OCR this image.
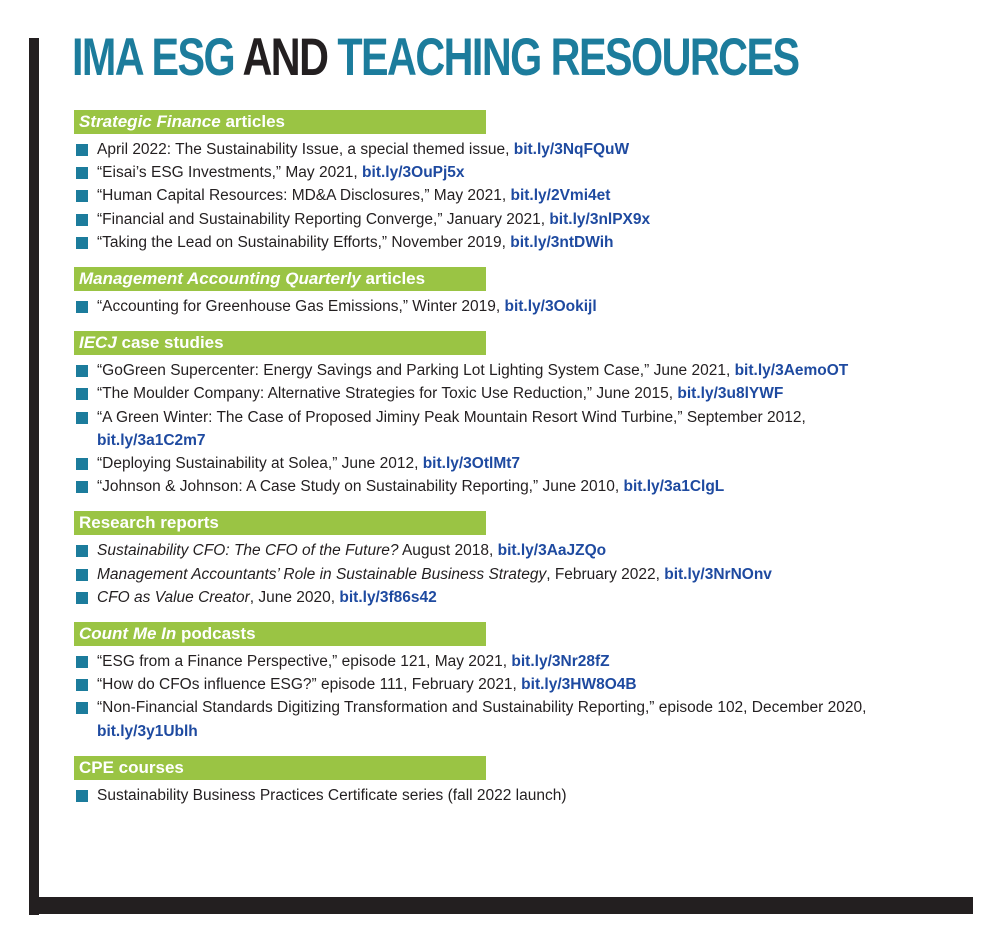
IMA ESG AND TEACHING RESOURCES
Strategic Finance articles
April 2022: The Sustainability Issue, a special themed issue, bit.ly/3NqFQuW
“Eisai’s ESG Investments,” May 2021, bit.ly/3OuPj5x
“Human Capital Resources: MD&A Disclosures,” May 2021, bit.ly/2Vmi4et
“Financial and Sustainability Reporting Converge,” January 2021, bit.ly/3nlPX9x
“Taking the Lead on Sustainability Efforts,” November 2019, bit.ly/3ntDWih
Management Accounting Quarterly articles
“Accounting for Greenhouse Gas Emissions,” Winter 2019, bit.ly/3Ookijl
IECJ case studies
“GoGreen Supercenter: Energy Savings and Parking Lot Lighting System Case,” June 2021, bit.ly/3AemoOT
“The Moulder Company: Alternative Strategies for Toxic Use Reduction,” June 2015, bit.ly/3u8lYWF
“A Green Winter: The Case of Proposed Jiminy Peak Mountain Resort Wind Turbine,” September 2012,
bit.ly/3a1C2m7
“Deploying Sustainability at Solea,” June 2012, bit.ly/3OtlMt7
“Johnson & Johnson: A Case Study on Sustainability Reporting,” June 2010, bit.ly/3a1ClgL
Research reports
Sustainability CFO: The CFO of the Future? August 2018, bit.ly/3AaJZQo
Management Accountants’ Role in Sustainable Business Strategy, February 2022, bit.ly/3NrNOnv
CFO as Value Creator, June 2020, bit.ly/3f86s42
Count Me In podcasts
“ESG from a Finance Perspective,” episode 121, May 2021, bit.ly/3Nr28fZ
“How do CFOs influence ESG?” episode 111, February 2021, bit.ly/3HW8O4B
“Non-Financial Standards Digitizing Transformation and Sustainability Reporting,” episode 102, December 2020,
bit.ly/3y1Ublh
CPE courses
Sustainability Business Practices Certificate series (fall 2022 launch)
